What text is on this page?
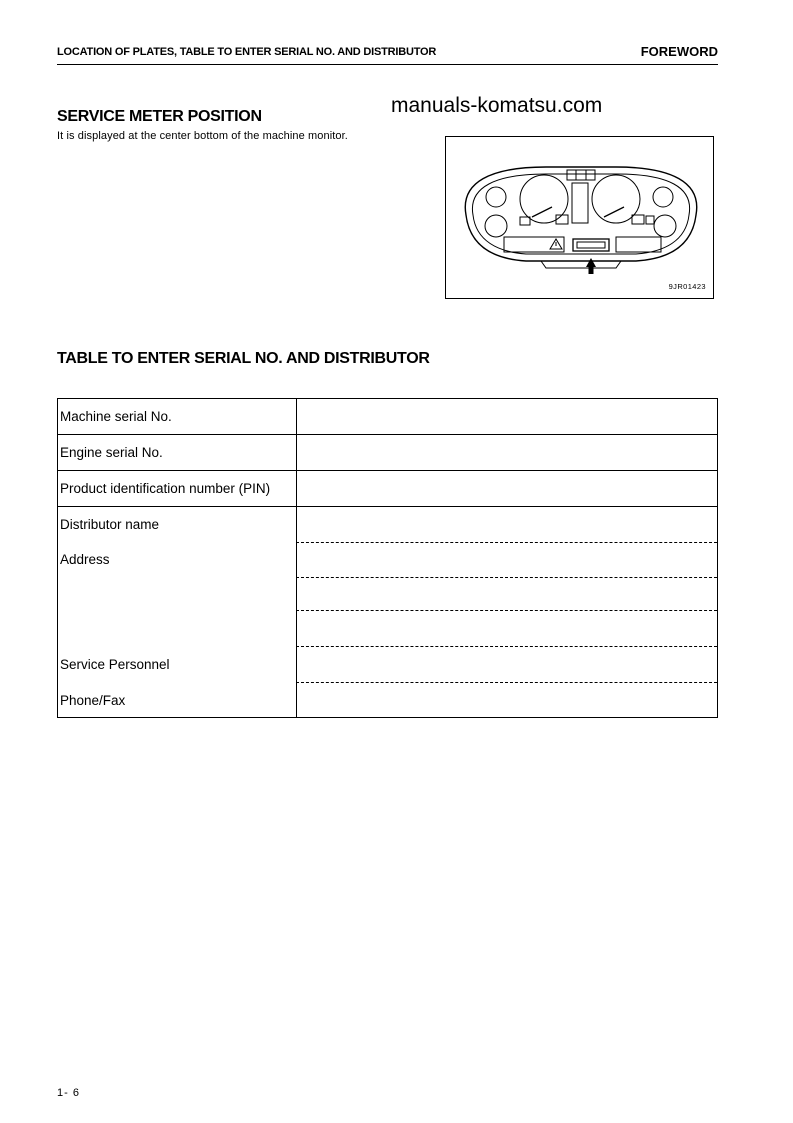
LOCATION OF PLATES, TABLE TO ENTER SERIAL NO. AND DISTRIBUTOR	FOREWORD
manuals-komatsu.com
SERVICE METER POSITION
It is displayed at the center bottom of the machine monitor.
9JR01423
TABLE TO ENTER SERIAL NO. AND DISTRIBUTOR
Machine serial No.
Engine serial No.
Product identification number (PIN)
Distributor name
Address
Service Personnel
Phone/Fax
1- 6
